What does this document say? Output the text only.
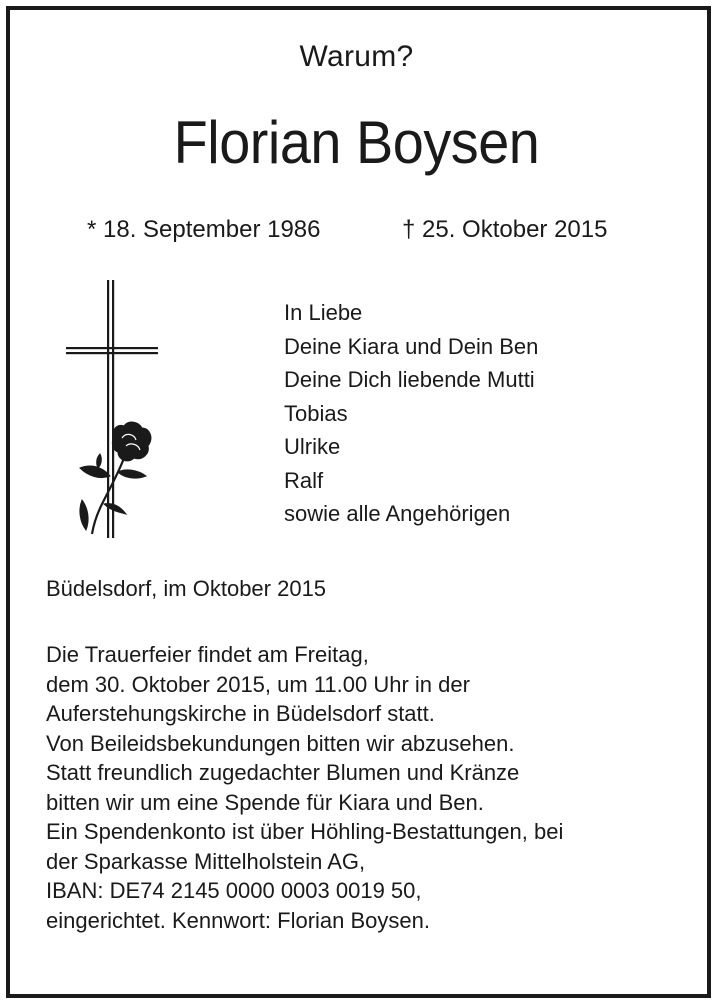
Warum?
Florian Boysen
* 18. September 1986	† 25. Oktober 2015
In Liebe
Deine Kiara und Dein Ben
Deine Dich liebende Mutti
Tobias
Ulrike
Ralf
sowie alle Angehörigen
Büdelsdorf, im Oktober 2015
Die Trauerfeier findet am Freitag,
dem 30. Oktober 2015, um 11.00 Uhr in der
Auferstehungskirche in Büdelsdorf statt.
Von Beileidsbekundungen bitten wir abzusehen.
Statt freundlich zugedachter Blumen und Kränze
bitten wir um eine Spende für Kiara und Ben.
Ein Spendenkonto ist über Höhling-Bestattungen, bei
der Sparkasse Mittelholstein AG,
IBAN: DE74 2145 0000 0003 0019 50,
eingerichtet. Kennwort: Florian Boysen.
